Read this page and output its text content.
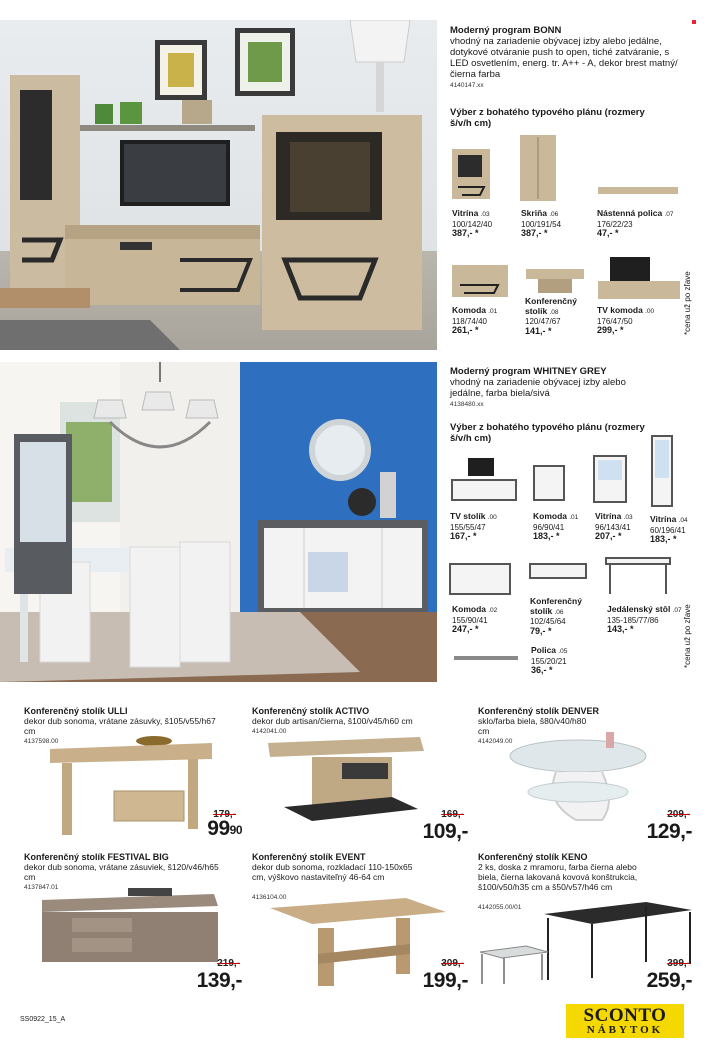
Moderný program BONN
vhodný na zariadenie obývacej izby alebo jedálne, dotykové otváranie push to open, tiché zatváranie, s LED osvetlením, energ. tr. A++ - A, dekor brest matný/čierna farba
4140147.xx
Výber z bohatého typového plánu (rozmery š/v/h cm)
Vitrína .03
100/142/40
387,- *
Skriňa .06
100/191/54
387,- *
Nástenná polica .07
176/22/23
47,- *
Komoda .01
118/74/40
261,- *
Konferenčný stolík .08
120/47/67
141,- *
TV komoda .00
176/47/50
299,- *	*cena už po zľave
Moderný program WHITNEY GREY
vhodný na zariadenie obývacej izby alebo jedálne, farba biela/sivá
4138480.xx
Výber z bohatého typového plánu (rozmery š/v/h cm)
TV stolík .00
155/55/47
167,- *
Komoda .01
96/90/41
183,- *
Vitrína .03
96/143/41
207,- *
Vitrína .04
60/196/41
183,- *
Komoda .02
155/90/41
247,- *
Konferenčný stolík .06
102/45/64
79,- *
Jedálenský stôl .07
135-185/77/86
143,- *
Polica .05
155/20/21
36,- *
*cena už po zľave
Konferenčný stolík ULLI
dekor dub sonoma, vrátane zásuvky, š105/v55/h67 cm
4137598.00
179,-
$99^{90}$
Konferenčný stolík ACTIVO
dekor dub artisan/čierna, š100/v45/h60 cm
4142041.00
169,-
109,-
Konferenčný stolík DENVER
sklo/farba biela, š80/v40/h80 cm
4142049.00
209,-
129,-
Konferenčný stolík FESTIVAL BIG
dekor dub sonoma, vrátane zásuviek, š120/v46/h65 cm
4137847.01
219,-
139,-
Konferenčný stolík EVENT
dekor dub sonoma, rozkladací 110-150x65 cm, výškovo nastaviteľný 46-64 cm
4136104.00
309,-
199,-
Konferenčný stolík KENO
2 ks, doska z mramoru, farba čierna alebo biela, čierna lakovaná kovová konštrukcia, š100/v50/h35 cm a š50/v57/h46 cm
4142055.00/01
399,-
259,-
SS0922_15_A	SCONTO
NÁBYTOK
